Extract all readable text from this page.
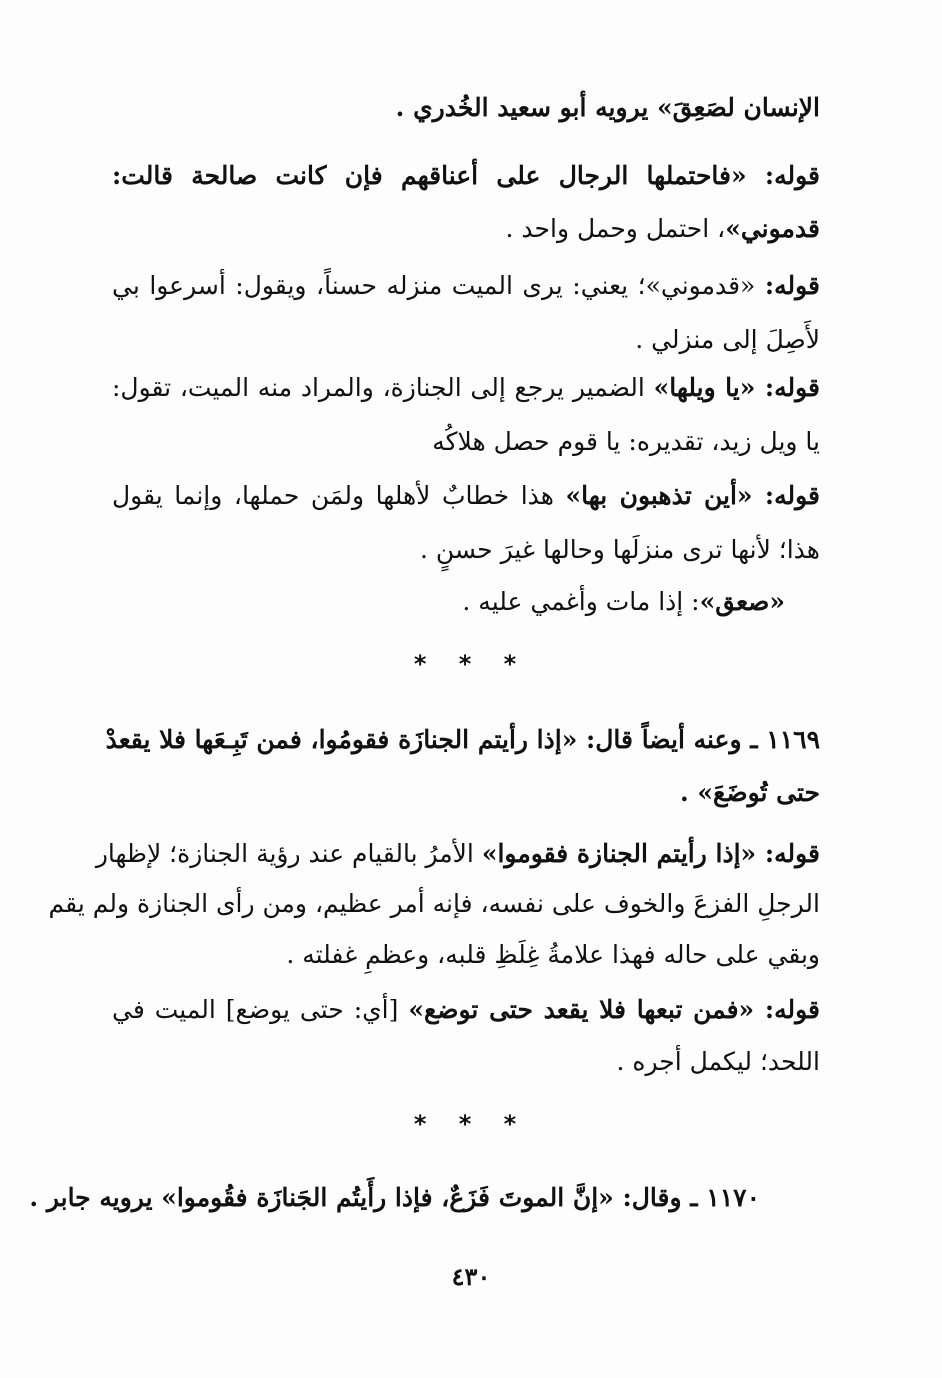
الإنسان لصَعِقَ» يرويه أبو سعيد الخُدري .
قوله: «فاحتملها الرجال على أعناقهم فإن كانت صالحة قالت:
قدموني»، احتمل وحمل واحد .
قوله: «قدموني»؛ يعني: يرى الميت منزله حسناً، ويقول: أسرعوا بي
لأَصِلَ إلى منزلي .
قوله: «يا ويلها» الضمير يرجع إلى الجنازة، والمراد منه الميت، تقول:
يا ويل زيد، تقديره: يا قوم حصل هلاكُه
قوله: «أين تذهبون بها» هذا خطابٌ لأهلها ولمَن حملها، وإنما يقول
هذا؛ لأنها ترى منزلَها وحالها غيرَ حسنٍ .
«صعق»: إذا مات وأغمي عليه .
* * *
١١٦٩ ـ وعنه أيضاً قال: «إذا رأيتم الجنازَة فقومُوا، فمن تَبِـعَها فلا يقعدْ
حتى تُوضَعَ» .
قوله: «إذا رأيتم الجنازة فقوموا» الأمرُ بالقيام عند رؤية الجنازة؛ لإظهار
الرجلِ الفزعَ والخوف على نفسه، فإنه أمر عظيم، ومن رأى الجنازة ولم يقم
وبقي على حاله فهذا علامةُ غِلَظِ قلبه، وعظمِ غفلته .
قوله: «فمن تبعها فلا يقعد حتى توضع» [أي: حتى يوضع] الميت في
اللحد؛ ليكمل أجره .
* * *
١١٧٠ ـ وقال: «إنَّ الموتَ فَزَعٌ، فإذا رأَيتُم الجَنازَة فقُوموا» يرويه جابر .
٤٣٠
